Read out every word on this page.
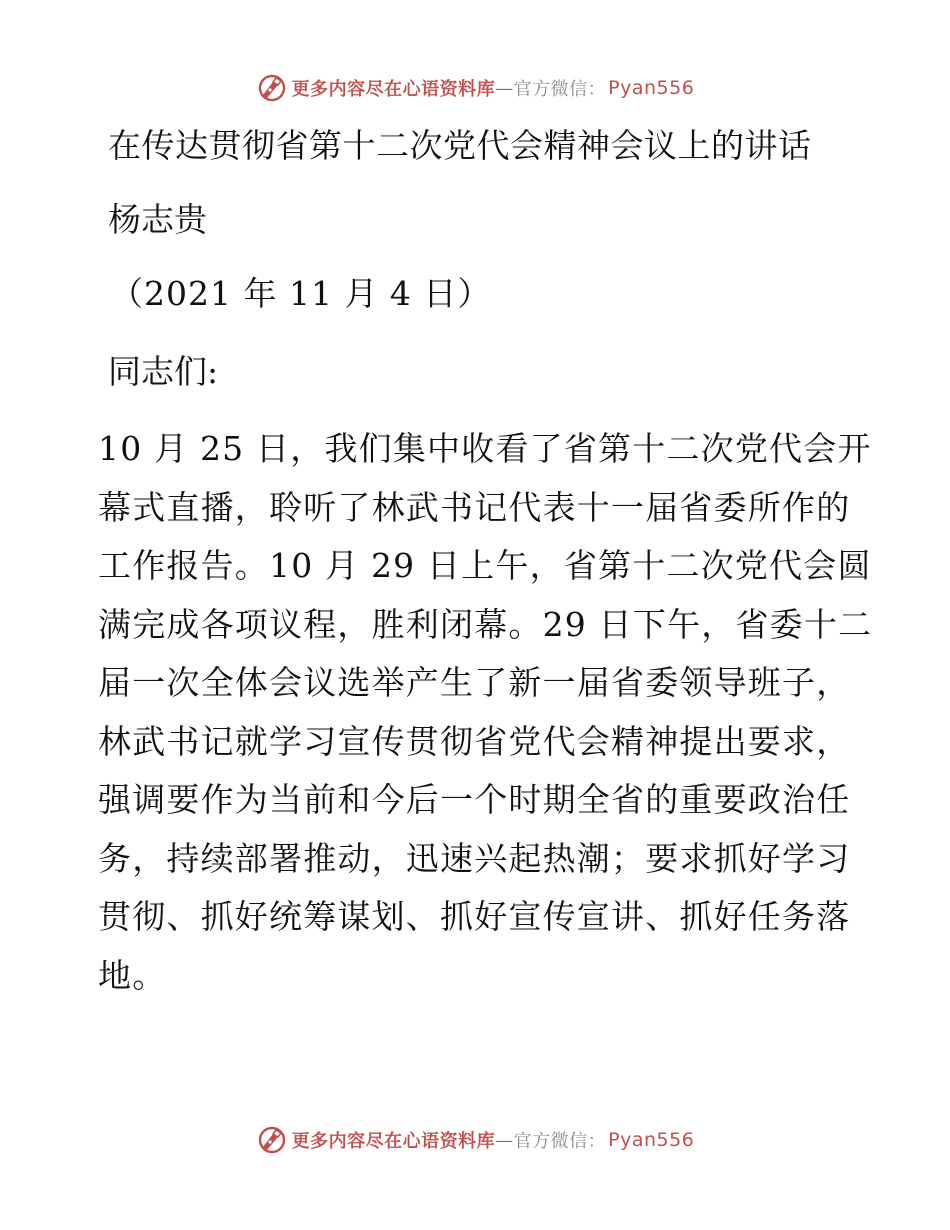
更多内容尽在心语资料库 — 官方微信： Pyan556
在传达贯彻省第十二次党代会精神会议上的讲话
杨志贵
（2021 年 11 月 4 日）
同志们:
10 月 25 日，我们集中收看了省第十二次党代会开
幕式直播，聆听了林武书记代表十一届省委所作的
工作报告。10 月 29 日上午，省第十二次党代会圆
满完成各项议程，胜利闭幕。29 日下午，省委十二
届一次全体会议选举产生了新一届省委领导班子，
林武书记就学习宣传贯彻省党代会精神提出要求，
强调要作为当前和今后一个时期全省的重要政治任
务，持续部署推动，迅速兴起热潮；要求抓好学习
贯彻、抓好统筹谋划、抓好宣传宣讲、抓好任务落
地。
更多内容尽在心语资料库 — 官方微信： Pyan556
